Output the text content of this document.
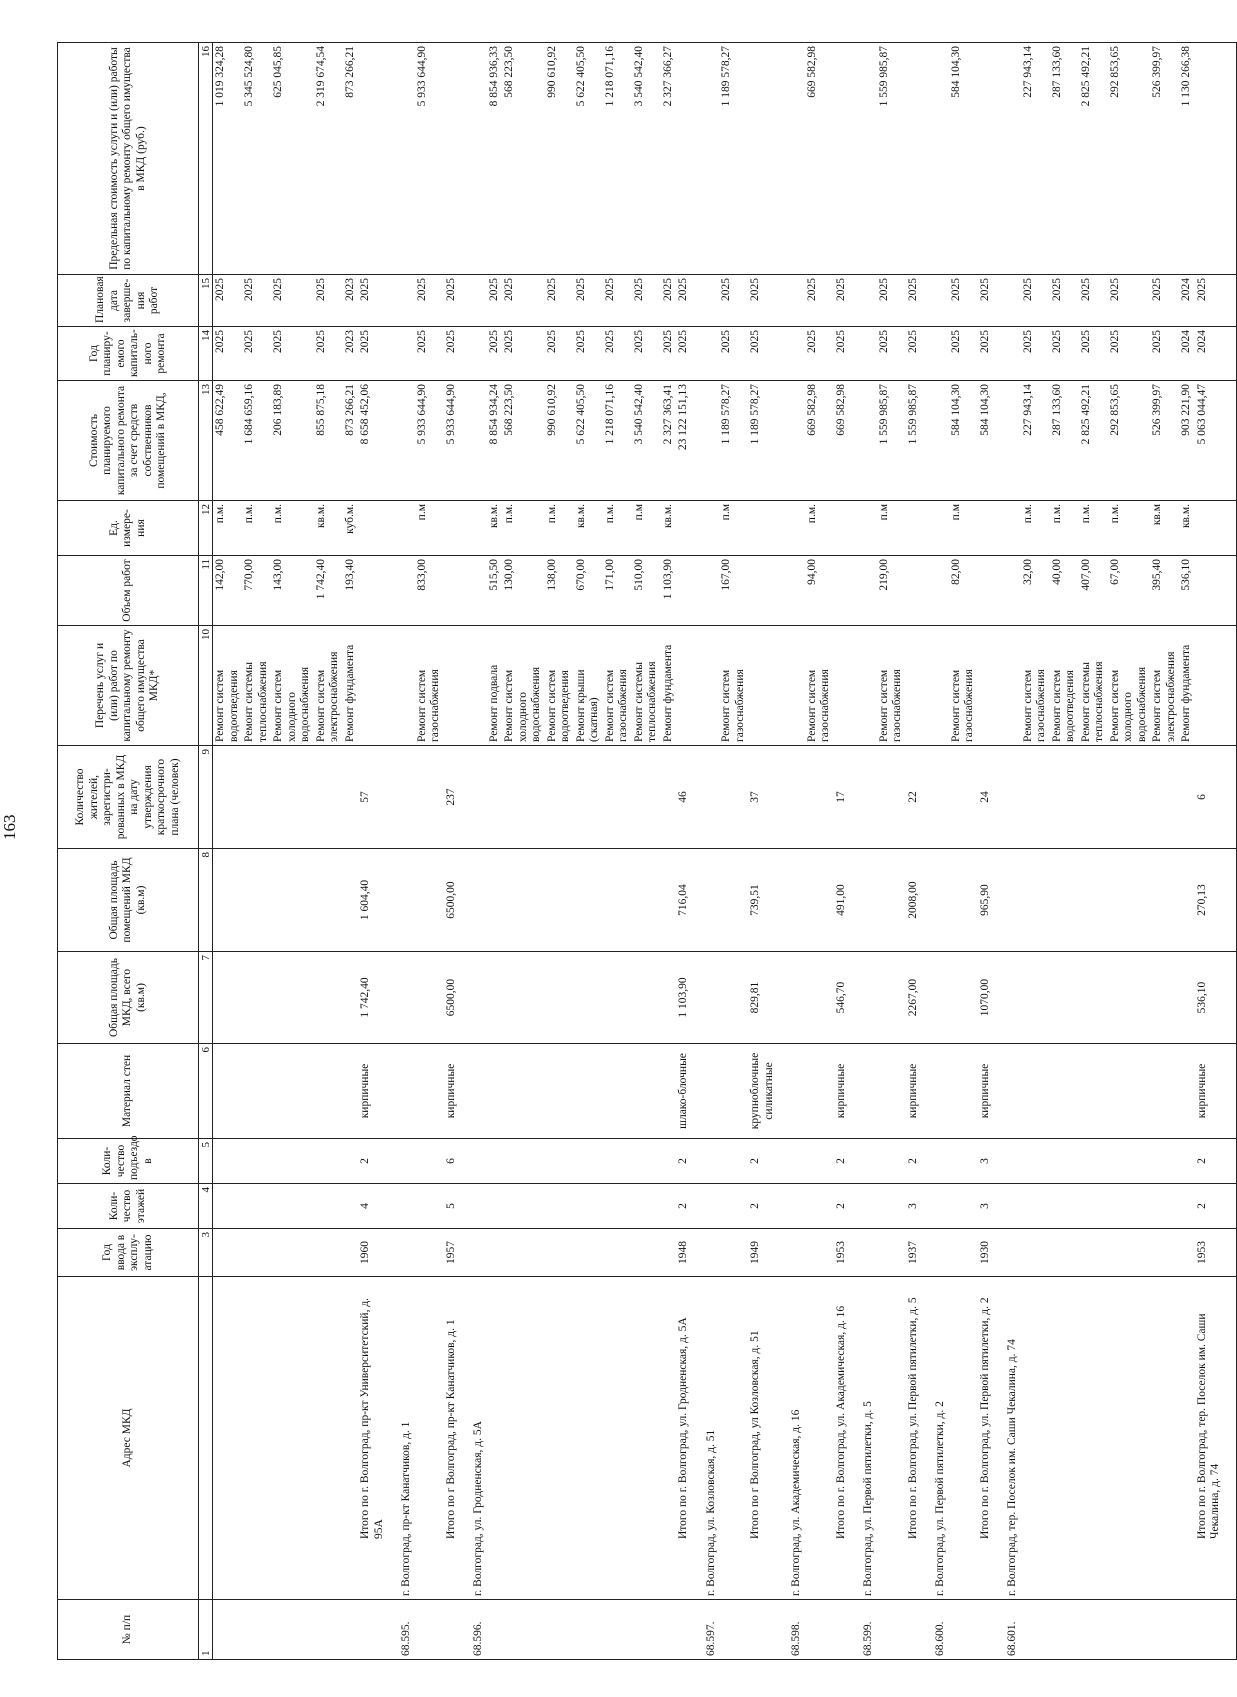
163
№ п/п	Адрес МКД	Год ввода в эксплу-атацию	Коли-чество этажей	Коли-чество подъездо в	Материал стен	Общая площадь МКД, всего (кв.м)	Общая площадь помещений МКД (кв.м)	Количество жителей, зарегистри-рованных в МКД на дату утверждения краткосрочного плана (человек)	Перечень услуг и (или) работ по капитальному ремонту общего имущества МКД*	Объем работ	Ед. измере-ния	Стоимость планируемого капитального ремонта за счет средств собственников помещений в МКД,	Год планиру-емого капиталь-ного ремонта	Плановая дата заверше-ния работ	Предельная стоимость услуги и (или) работы по капитальному ремонту общего имущества в МКД (руб.)
1		3	4	5	6	7	8	9	10	11	12	13	14	15	16
									Ремонт систем водоотведения	142,00	п.м.	458 622,49	2025	2025	1 019 324,28
									Ремонт системы теплоснабжения	770,00	п.м.	1 684 659,16	2025	2025	5 345 524,80
									Ремонт систем холодного водоснабжения	143,00	п.м.	206 183,89	2025	2025	625 045,85
									Ремонт систем электроснабжения	1 742,40	кв.м.	855 875,18	2025	2025	2 319 674,54
									Ремонт фундамента	193,40	куб.м.	873 266,21	2023	2023	873 266,21
	Итого по г. Волгоград, пр-кт Университетский, д. 95А	1960	4	2	кирпичные	1 742,40	1 604,40	57				8 658 452,06	2025	2025	

68.595.	г. Волгоград, пр-кт Канатчиков, д. 1														
									Ремонт систем газоснабжения	833,00	п.м	5 933 644,90	2025	2025	5 933 644,90
	Итого по г Волгоград, пр-кт Канатчиков, д. 1	1957	5	6	кирпичные	6500,00	6500,00	237				5 933 644,90	2025	2025	

68.596.	г. Волгоград, ул. Гродненская, д. 5А														
									Ремонт подвала	515,50	кв.м.	8 854 934,24	2025	2025	8 854 936,33
									Ремонт систем холодного водоснабжения	130,00	п.м.	568 223,50	2025	2025	568 223,50
									Ремонт систем водоотведения	138,00	п.м.	990 610,92	2025	2025	990 610,92
									Ремонт крыши (скатная)	670,00	кв.м.	5 622 405,50	2025	2025	5 622 405,50
									Ремонт систем газоснабжения	171,00	п.м.	1 218 071,16	2025	2025	1 218 071,16
									Ремонт системы теплоснабжения	510,00	п.м	3 540 542,40	2025	2025	3 540 542,40
									Ремонт фундамента	1 103,90	кв.м.	2 327 363,41	2025	2025	2 327 366,27
	Итого по г. Волгоград, ул. Гродненская, д. 5А	1948	2	2	шлако-блочные	1 103,90	716,04	46				23 122 151,13	2025	2025	

68.597.	г. Волгоград, ул. Козловская, д. 51														
									Ремонт систем газоснабжения	167,00	п.м	1 189 578,27	2025	2025	1 189 578,27
	Итого по г Волгоград, ул Козловская, д. 51	1949	2	2	крупноблочные силикатные	829,81	739,51	37				1 189 578,27	2025	2025	

68.598.	г. Волгоград, ул. Академическая, д. 16														
									Ремонт систем газоснабжения	94,00	п.м.	669 582,98	2025	2025	669 582,98
	Итого по г. Волгоград, ул. Академическая, д. 16	1953	2	2	кирпичные	546,70	491,00	17				669 582,98	2025	2025	

68.599.	г. Волгоград, ул. Первой пятилетки, д. 5														
									Ремонт систем газоснабжения	219,00	п.м	1 559 985,87	2025	2025	1 559 985,87
	Итого по г. Волгоград, ул. Первой пятилетки, д. 5	1937	3	2	кирпичные	2267,00	2008,00	22				1 559 985,87	2025	2025	

68.600.	г. Волгоград, ул. Первой пятилетки, д. 2														
									Ремонт систем газоснабжения	82,00	п.м	584 104,30	2025	2025	584 104,30
	Итого по г. Волгоград, ул. Первой пятилетки, д. 2	1930	3	3	кирпичные	1070,00	965,90	24				584 104,30	2025	2025	

68.601.	г. Волгоград, тер. Поселок им. Саши Чекалина, д. 74														
									Ремонт систем газоснабжения	32,00	п.м.	227 943,14	2025	2025	227 943,14
									Ремонт систем водоотведения	40,00	п.м.	287 133,60	2025	2025	287 133,60
									Ремонт системы теплоснабжения	407,00	п.м.	2 825 492,21	2025	2025	2 825 492,21
									Ремонт систем холодного водоснабжения	67,00	п.м.	292 853,65	2025	2025	292 853,65
									Ремонт систем электроснабжения	395,40	кв.м	526 399,97	2025	2025	526 399,97
									Ремонт фундамента	536,10	кв.м.	903 221,90	2024	2024	1 130 266,38
	Итого по г. Волгоград, тер. Поселок им. Саши Чекалина, д. 74	1953	2	2	кирпичные	536,10	270,13	6				5 063 044,47	2024	2025	
